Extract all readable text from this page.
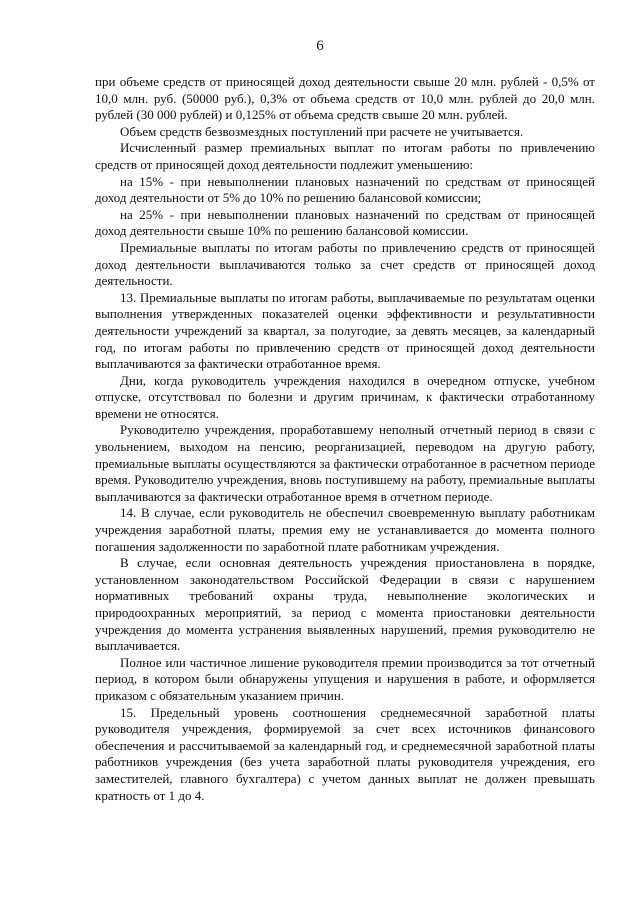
6

при объеме средств от приносящей доход деятельности свыше 20 млн. рублей - 0,5% от 10,0 млн. руб. (50000 руб.), 0,3% от объема средств от 10,0 млн. рублей до 20,0 млн. рублей (30 000 рублей) и 0,125% от объема средств свыше 20 млн. рублей.

Объем средств безвозмездных поступлений при расчете не учитывается.

Исчисленный размер премиальных выплат по итогам работы по привлечению средств от приносящей доход деятельности подлежит уменьшению:

на 15% - при невыполнении плановых назначений по средствам от приносящей доход деятельности от 5% до 10% по решению балансовой комиссии;

на 25% - при невыполнении плановых назначений по средствам от приносящей доход деятельности свыше 10% по решению балансовой комиссии.

Премиальные выплаты по итогам работы по привлечению средств от приносящей доход деятельности выплачиваются только за счет средств от приносящей доход деятельности.

13. Премиальные выплаты по итогам работы, выплачиваемые по результатам оценки выполнения утвержденных показателей оценки эффективности и результативности деятельности учреждений за квартал, за полугодие, за девять месяцев, за календарный год, по итогам работы по привлечению средств от приносящей доход деятельности выплачиваются за фактически отработанное время.

Дни, когда руководитель учреждения находился в очередном отпуске, учебном отпуске, отсутствовал по болезни и другим причинам, к фактически отработанному времени не относятся.

Руководителю учреждения, проработавшему неполный отчетный период в связи с увольнением, выходом на пенсию, реорганизацией, переводом на другую работу, премиальные выплаты осуществляются за фактически отработанное в расчетном периоде время. Руководителю учреждения, вновь поступившему на работу, премиальные выплаты выплачиваются за фактически отработанное время в отчетном периоде.

14. В случае, если руководитель не обеспечил своевременную выплату работникам учреждения заработной платы, премия ему не устанавливается до момента полного погашения задолженности по заработной плате работникам учреждения.

В случае, если основная деятельность учреждения приостановлена в порядке, установленном законодательством Российской Федерации в связи с нарушением нормативных требований охраны труда, невыполнение экологических и природоохранных мероприятий, за период с момента приостановки деятельности учреждения до момента устранения выявленных нарушений, премия руководителю не выплачивается.

Полное или частичное лишение руководителя премии производится за тот отчетный период, в котором были обнаружены упущения и нарушения в работе, и оформляется приказом с обязательным указанием причин.

15. Предельный уровень соотношения среднемесячной заработной платы руководителя учреждения, формируемой за счет всех источников финансового обеспечения и рассчитываемой за календарный год, и среднемесячной заработной платы работников учреждения (без учета заработной платы руководителя учреждения, его заместителей, главного бухгалтера) с учетом данных выплат не должен превышать кратность от 1 до 4.
